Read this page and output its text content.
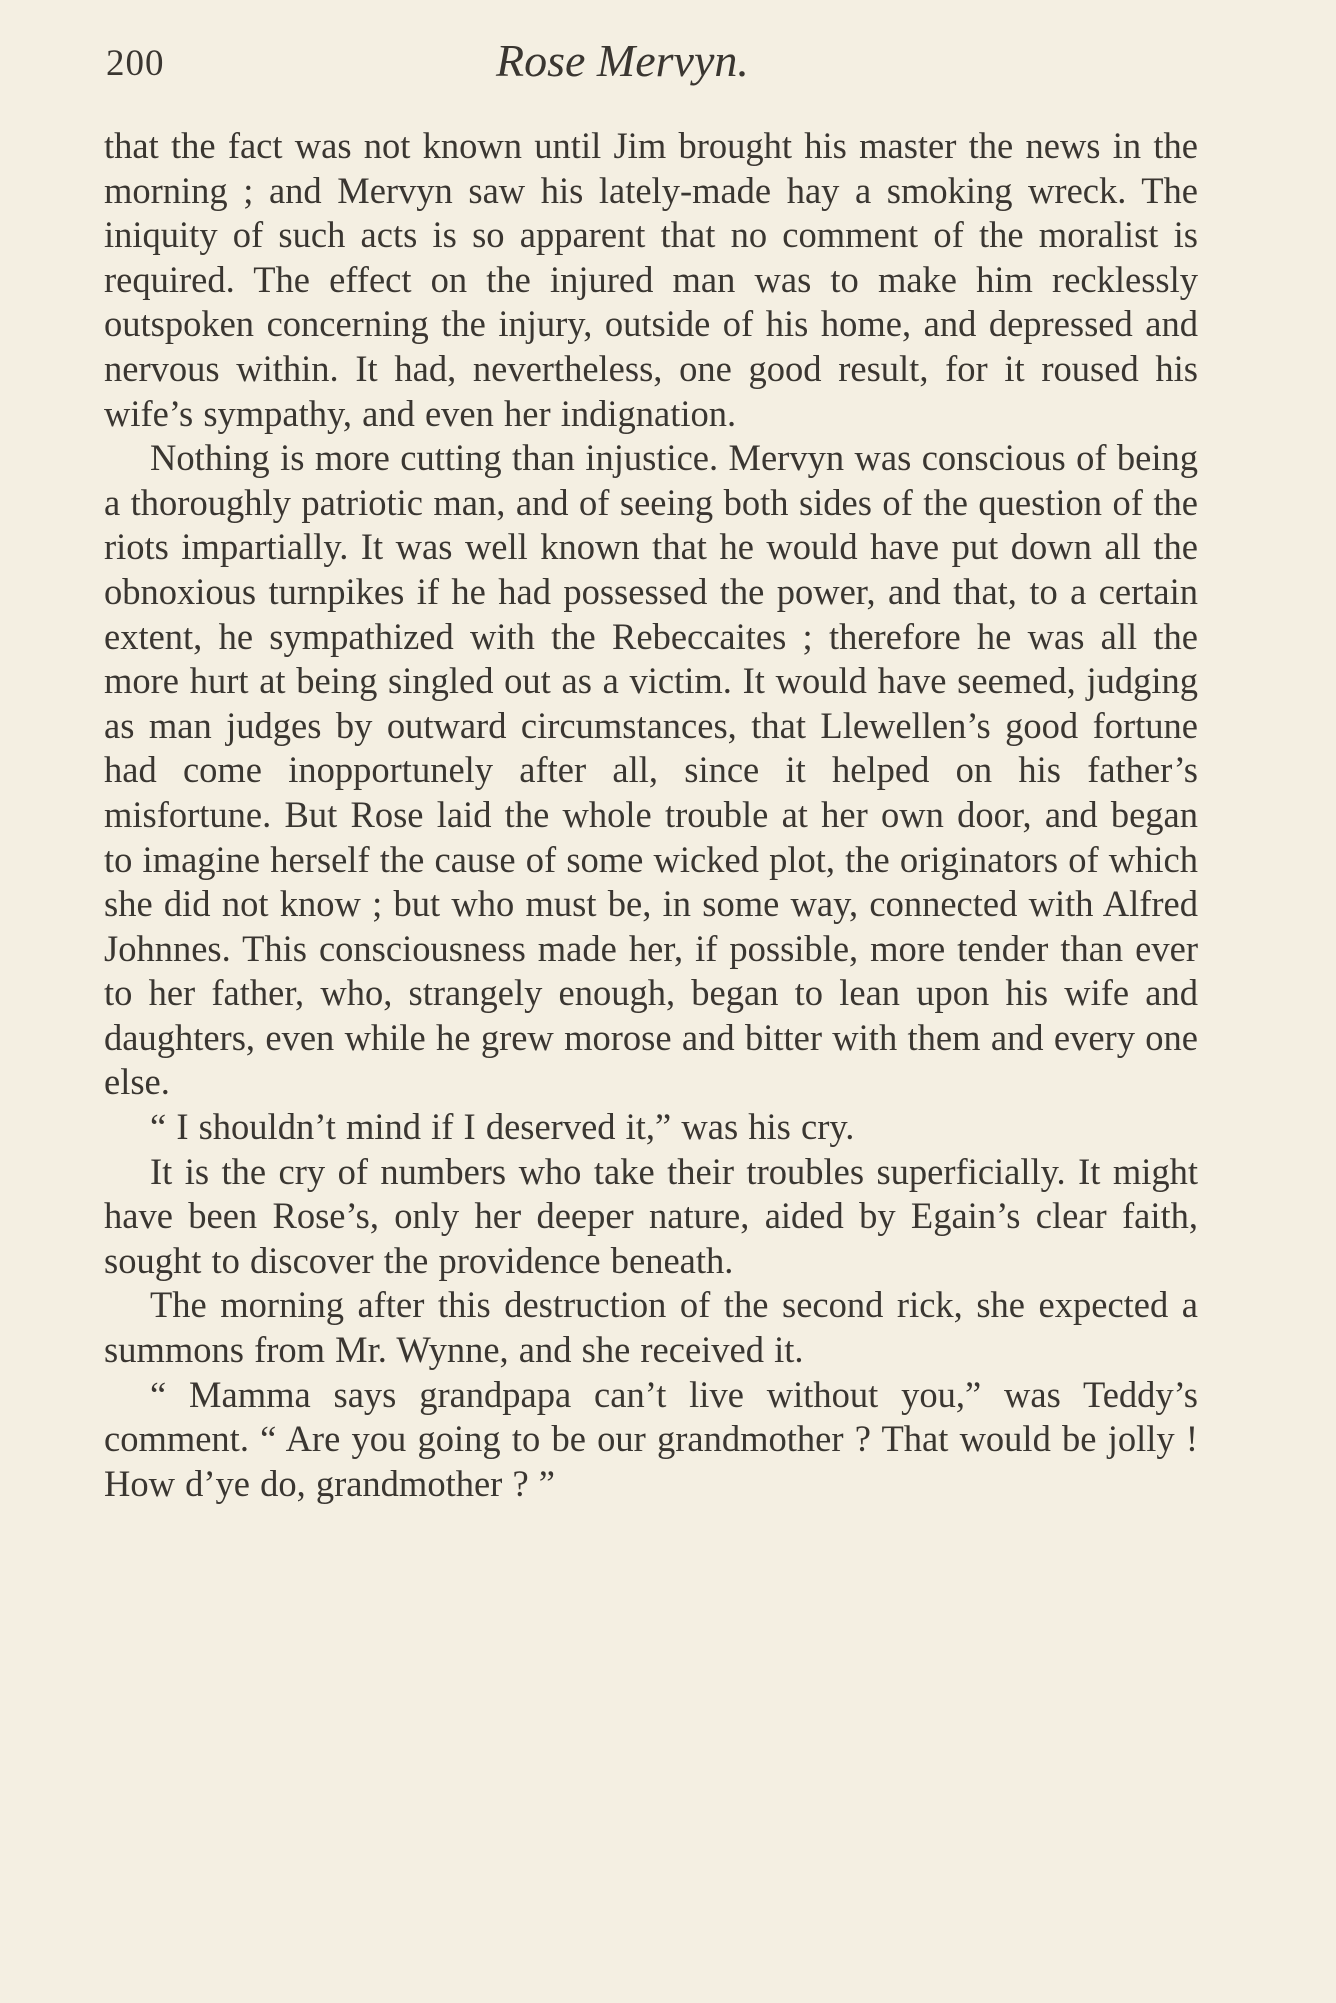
200	Rose Mervyn.

that the fact was not known until Jim brought his master the news in the morning ; and Mervyn saw his lately-made hay a smoking wreck. The iniquity of such acts is so apparent that no comment of the moralist is required. The effect on the injured man was to make him recklessly outspoken concerning the injury, outside of his home, and depressed and nervous within. It had, nevertheless, one good result, for it roused his wife’s sympathy, and even her indignation.

Nothing is more cutting than injustice. Mervyn was conscious of being a thoroughly patriotic man, and of seeing both sides of the question of the riots impartially. It was well known that he would have put down all the obnoxious turnpikes if he had possessed the power, and that, to a certain extent, he sympathized with the Rebeccaites ; therefore he was all the more hurt at being singled out as a victim. It would have seemed, judging as man judges by outward circumstances, that Llewellen’s good fortune had come inopportunely after all, since it helped on his father’s misfortune. But Rose laid the whole trouble at her own door, and began to imagine herself the cause of some wicked plot, the originators of which she did not know ; but who must be, in some way, connected with Alfred Johnnes. This consciousness made her, if possible, more tender than ever to her father, who, strangely enough, began to lean upon his wife and daughters, even while he grew morose and bitter with them and every one else.

“ I shouldn’t mind if I deserved it,” was his cry.

It is the cry of numbers who take their troubles superficially. It might have been Rose’s, only her deeper nature, aided by Egain’s clear faith, sought to discover the providence beneath.

The morning after this destruction of the second rick, she expected a summons from Mr. Wynne, and she received it.

“ Mamma says grandpapa can’t live without you,” was Teddy’s comment. “ Are you going to be our grandmother ? That would be jolly ! How d’ye do, grandmother ? ”
